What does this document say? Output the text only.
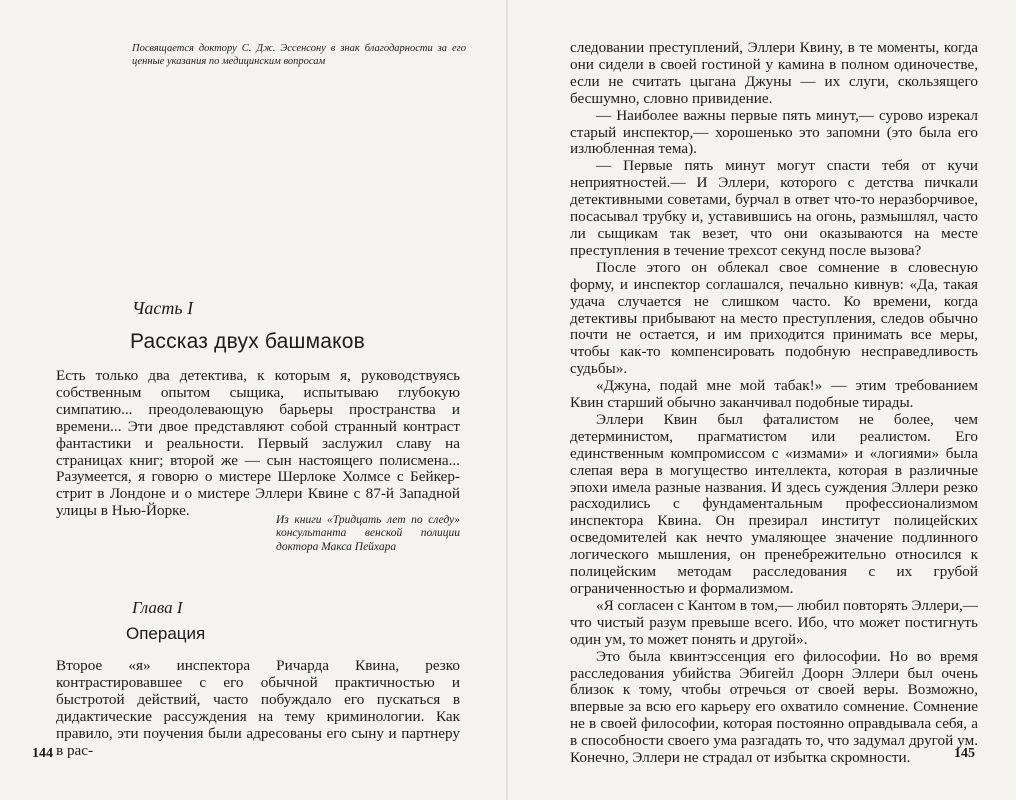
Посвящается доктору С. Дж. Эссенсону в знак благодарности за его ценные указания по медицинским вопросам

Часть I
Рассказ двух башмаков

Есть только два детектива, к которым я, руководствуясь собственным опытом сыщика, испытываю глубокую симпатию... преодолевающую барьеры пространства и времени... Эти двое представляют собой странный контраст фантастики и реальности. Первый заслужил славу на страницах книг; второй же — сын настоящего полисмена... Разумеется, я говорю о мистере Шерлоке Холмсе с Бейкер-стрит в Лондоне и о мистере Эллери Квине с 87-й Западной улицы в Нью-Йорке.

Из книги «Тридцать лет по следу» консультанта венской полиции доктора Макса Пейхара

Глава I
Операция

Второе «я» инспектора Ричарда Квина, резко контрастировавшее с его обычной практичностью и быстротой действий, часто побуждало его пускаться в дидактические рассуждения на тему криминологии. Как правило, эти поучения были адресованы его сыну и партнеру в рас-

144

следовании преступлений, Эллери Квину, в те моменты, когда они сидели в своей гостиной у камина в полном одиночестве, если не считать цыгана Джуны — их слуги, скользящего бесшумно, словно привидение.

— Наиболее важны первые пять минут,— сурово изрекал старый инспектор,— хорошенько это запомни (это была его излюбленная тема).

— Первые пять минут могут спасти тебя от кучи неприятностей.— И Эллери, которого с детства пичкали детективными советами, бурчал в ответ что-то неразборчивое, посасывал трубку и, уставившись на огонь, размышлял, часто ли сыщикам так везет, что они оказываются на месте преступления в течение трехсот секунд после вызова?

После этого он облекал свое сомнение в словесную форму, и инспектор соглашался, печально кивнув: «Да, такая удача случается не слишком часто. Ко времени, когда детективы прибывают на место преступления, следов обычно почти не остается, и им приходится принимать все меры, чтобы как-то компенсировать подобную несправедливость судьбы».

«Джуна, подай мне мой табак!» — этим требованием Квин старший обычно заканчивал подобные тирады.

Эллери Квин был фаталистом не более, чем детерминистом, прагматистом или реалистом. Его единственным компромиссом с «измами» и «логиями» была слепая вера в могущество интеллекта, которая в различные эпохи имела разные названия. И здесь суждения Эллери резко расходились с фундаментальным профессионализмом инспектора Квина. Он презирал институт полицейских осведомителей как нечто умаляющее значение подлинного логического мышления, он пренебрежительно относился к полицейским методам расследования с их грубой ограниченностью и формализмом.

«Я согласен с Кантом в том,— любил повторять Эллери,— что чистый разум превыше всего. Ибо, что может постигнуть один ум, то может понять и другой».

Это была квинтэссенция его философии. Но во время расследования убийства Эбигейл Доорн Эллери был очень близок к тому, чтобы отречься от своей веры. Возможно, впервые за всю его карьеру его охватило сомнение. Сомнение не в своей философии, которая постоянно оправдывала себя, а в способности своего ума разгадать то, что задумал другой ум. Конечно, Эллери не страдал от избытка скромности.	145
